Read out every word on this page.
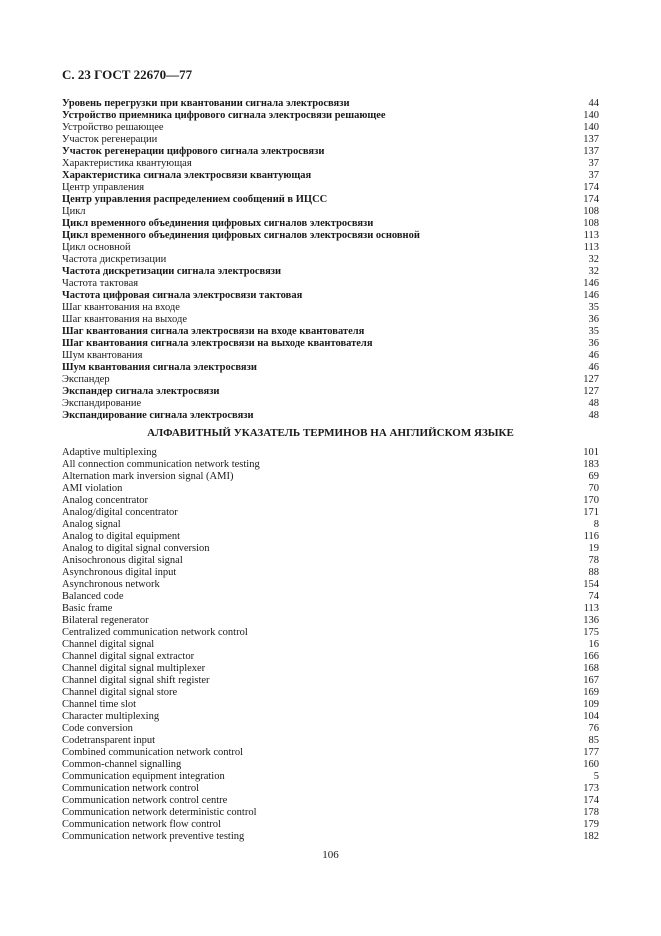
С. 23 ГОСТ 22670—77
Уровень перегрузки при квантовании сигнала электросвязи	44
Устройство приемника цифрового сигнала электросвязи решающее	140
Устройство решающее	140
Участок регенерации	137
Участок регенерации цифрового сигнала электросвязи	137
Характеристика квантующая	37
Характеристика сигнала электросвязи квантующая	37
Центр управления	174
Центр управления распределением сообщений в ИЦСС	174
Цикл	108
Цикл временного объединения цифровых сигналов электросвязи	108
Цикл временного объединения цифровых сигналов электросвязи основной	113
Цикл основной	113
Частота дискретизации	32
Частота дискретизации сигнала электросвязи	32
Частота тактовая	146
Частота цифровая сигнала электросвязи тактовая	146
Шаг квантования на входе	35
Шаг квантования на выходе	36
Шаг квантования сигнала электросвязи на входе квантователя	35
Шаг квантования сигнала электросвязи на выходе квантователя	36
Шум квантования	46
Шум квантования сигнала электросвязи	46
Экспандер	127
Экспандер сигнала электросвязи	127
Экспандирование	48
Экспандирование сигнала электросвязи	48
АЛФАВИТНЫЙ УКАЗАТЕЛЬ ТЕРМИНОВ НА АНГЛИЙСКОМ ЯЗЫКЕ
Adaptive multiplexing	101
All connection communication network testing	183
Alternation mark inversion signal (AMI)	69
AMI violation	70
Analog concentrator	170
Analog/digital concentrator	171
Analog signal	8
Analog to digital equipment	116
Analog to digital signal conversion	19
Anisochronous digital signal	78
Asynchronous digital input	88
Asynchronous network	154
Balanced code	74
Basic frame	113
Bilateral regenerator	136
Centralized communication network control	175
Channel digital signal	16
Channel digital signal extractor	166
Channel digital signal multiplexer	168
Channel digital signal shift register	167
Channel digital signal store	169
Channel time slot	109
Character multiplexing	104
Code conversion	76
Codetransparent input	85
Combined communication network control	177
Common-channel signalling	160
Communication equipment integration	5
Communication network control	173
Communication network control centre	174
Communication network deterministic control	178
Communication network flow control	179
Communication network preventive testing	182
106
